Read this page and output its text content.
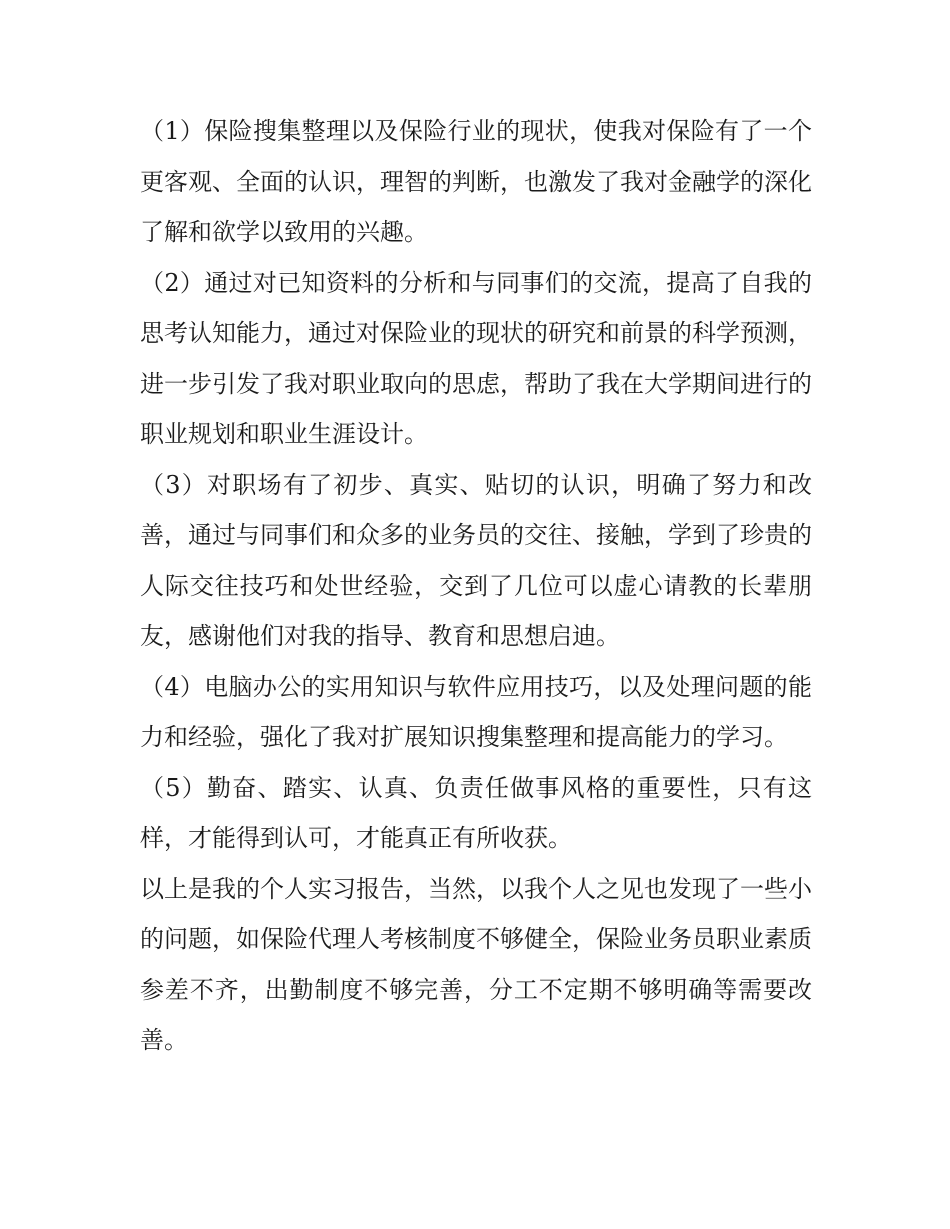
（1）保险搜集整理以及保险行业的现状，使我对保险有了一个更客观、全面的认识，理智的判断，也激发了我对金融学的深化了解和欲学以致用的兴趣。

（2）通过对已知资料的分析和与同事们的交流，提高了自我的思考认知能力，通过对保险业的现状的研究和前景的科学预测，进一步引发了我对职业取向的思虑，帮助了我在大学期间进行的职业规划和职业生涯设计。

（3）对职场有了初步、真实、贴切的认识，明确了努力和改善，通过与同事们和众多的业务员的交往、接触，学到了珍贵的人际交往技巧和处世经验，交到了几位可以虚心请教的长辈朋友，感谢他们对我的指导、教育和思想启迪。

（4）电脑办公的实用知识与软件应用技巧，以及处理问题的能力和经验，强化了我对扩展知识搜集整理和提高能力的学习。

（5）勤奋、踏实、认真、负责任做事风格的重要性，只有这样，才能得到认可，才能真正有所收获。

以上是我的个人实习报告，当然，以我个人之见也发现了一些小的问题，如保险代理人考核制度不够健全，保险业务员职业素质参差不齐，出勤制度不够完善，分工不定期不够明确等需要改善。
